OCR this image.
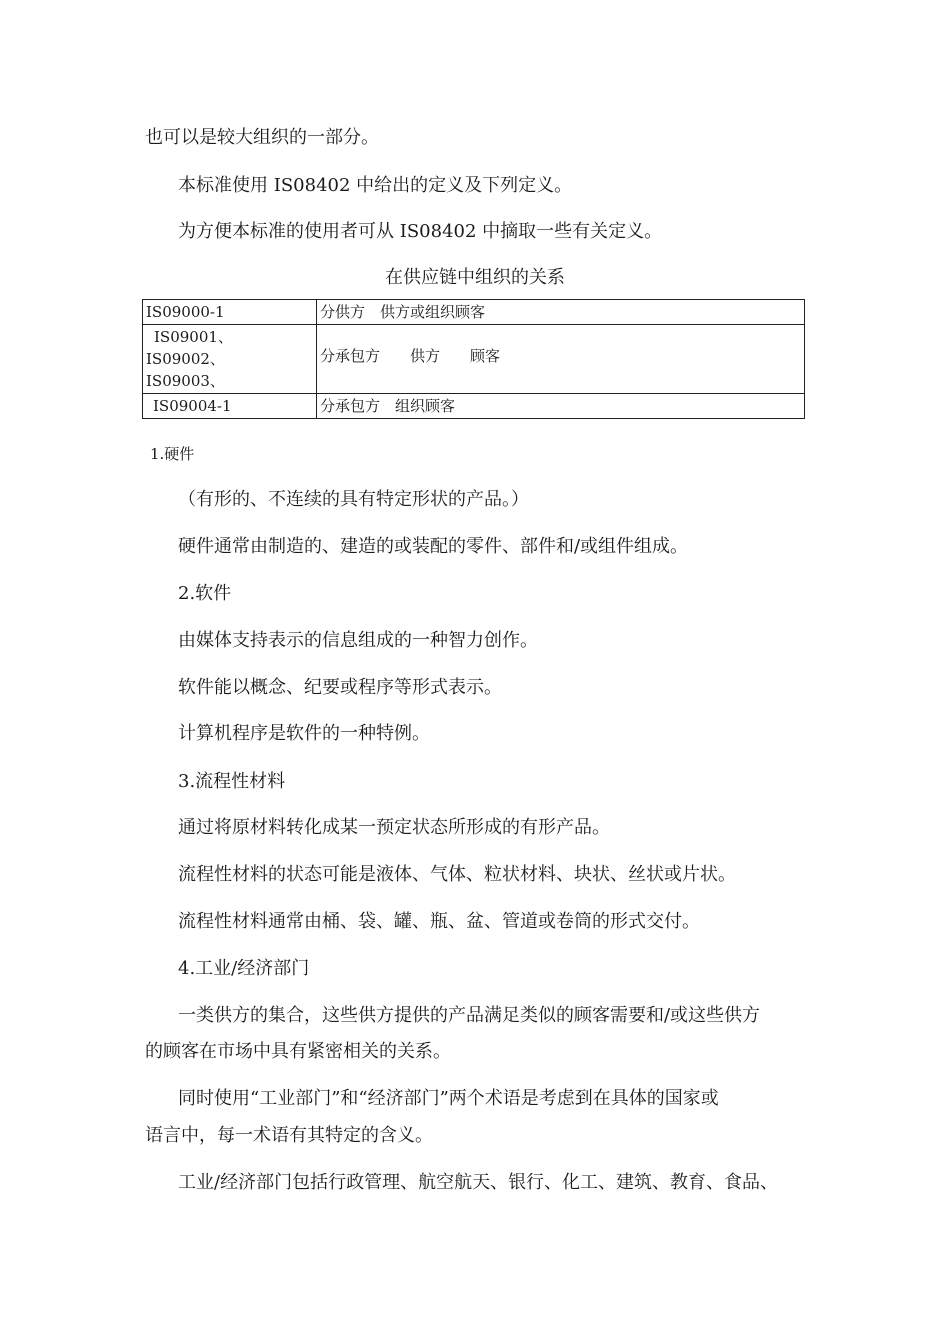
也可以是较大组织的一部分。

本标准使用 IS08402 中给出的定义及下列定义。

为方便本标准的使用者可从 IS08402 中摘取一些有关定义。

在供应链中组织的关系
IS09000-1	分供方　供方或组织顾客

IS09001、
IS09002、
IS09003、	分承包方　　供方　　顾客
IS09004-1	分承包方　组织顾客

1.硬件

（有形的、不连续的具有特定形状的产品。）

硬件通常由制造的、建造的或装配的零件、部件和/或组件组成。

2.软件

由媒体支持表示的信息组成的一种智力创作。

软件能以概念、纪要或程序等形式表示。

计算机程序是软件的一种特例。

3.流程性材料

通过将原材料转化成某一预定状态所形成的有形产品。

流程性材料的状态可能是液体、气体、粒状材料、块状、丝状或片状。

流程性材料通常由桶、袋、罐、瓶、盆、管道或卷筒的形式交付。

4.工业/经济部门

一类供方的集合，这些供方提供的产品满足类似的顾客需要和/或这些供方

的顾客在市场中具有紧密相关的关系。

同时使用“工业部门”和“经济部门”两个术语是考虑到在具体的国家或

语言中，每一术语有其特定的含义。

工业/经济部门包括行政管理、航空航天、银行、化工、建筑、教育、食品、
